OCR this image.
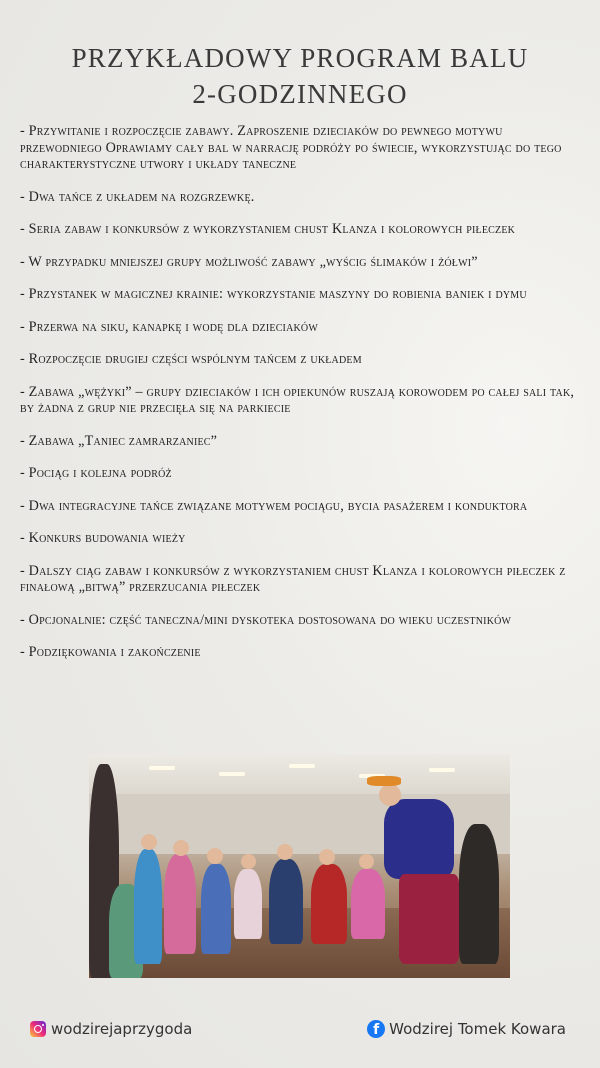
PRZYKŁADOWY PROGRAM BALU
2-GODZINNEGO
- Przywitanie i rozpoczęcie zabawy. Zaproszenie dzieciaków do pewnego motywu przewodniego Oprawiamy cały bal w narrację podróży po świecie, wykorzystując do tego charakterystyczne utwory i układy taneczne
- Dwa tańce z układem na rozgrzewkę.
- Seria zabaw i konkursów z wykorzystaniem chust Klanza i kolorowych piłeczek
- W przypadku mniejszej grupy możliwość zabawy „wyścig ślimaków i żółwi”
- Przystanek w magicznej krainie: wykorzystanie maszyny do robienia baniek i dymu
- Przerwa na siku, kanapkę i wodę dla dzieciaków
- Rozpoczęcie drugiej części wspólnym tańcem z układem
- Zabawa „wężyki” – grupy dzieciaków i ich opiekunów ruszają korowodem po całej sali tak, by żadna z grup nie przecięła się na parkiecie
- Zabawa „Taniec zamrarzaniec”
- Pociąg i kolejna podróż
- Dwa integracyjne tańce związane motywem pociągu, bycia pasażerem i konduktora
- Konkurs budowania wieży
- Dalszy ciąg zabaw i konkursów z wykorzystaniem chust Klanza i kolorowych piłeczek z finałową „bitwą” przerzucania piłeczek
- Opcjonalnie: część taneczna/mini dyskoteka dostosowana do wieku uczestników
- Podziękowania i zakończenie
wodzirejaprzygoda	f Wodzirej Tomek Kowara
